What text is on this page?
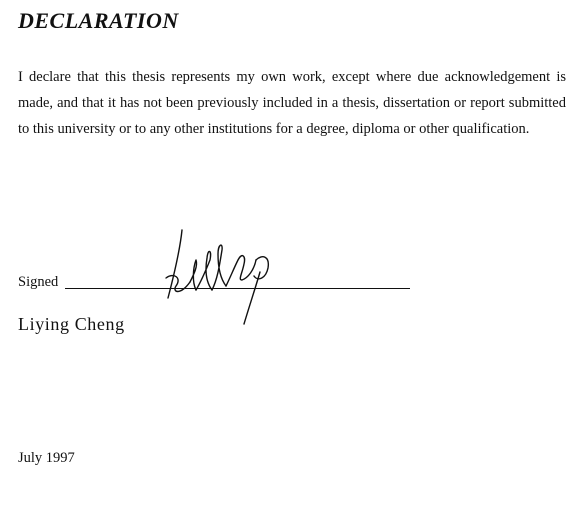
DECLARATION

I declare that this thesis represents my own work, except where due acknowledgement is made, and that it has not been previously included in a thesis, dissertation or report submitted to this university or to any other institutions for a degree, diploma or other qualification.

Signed
Liying Cheng
July 1997
